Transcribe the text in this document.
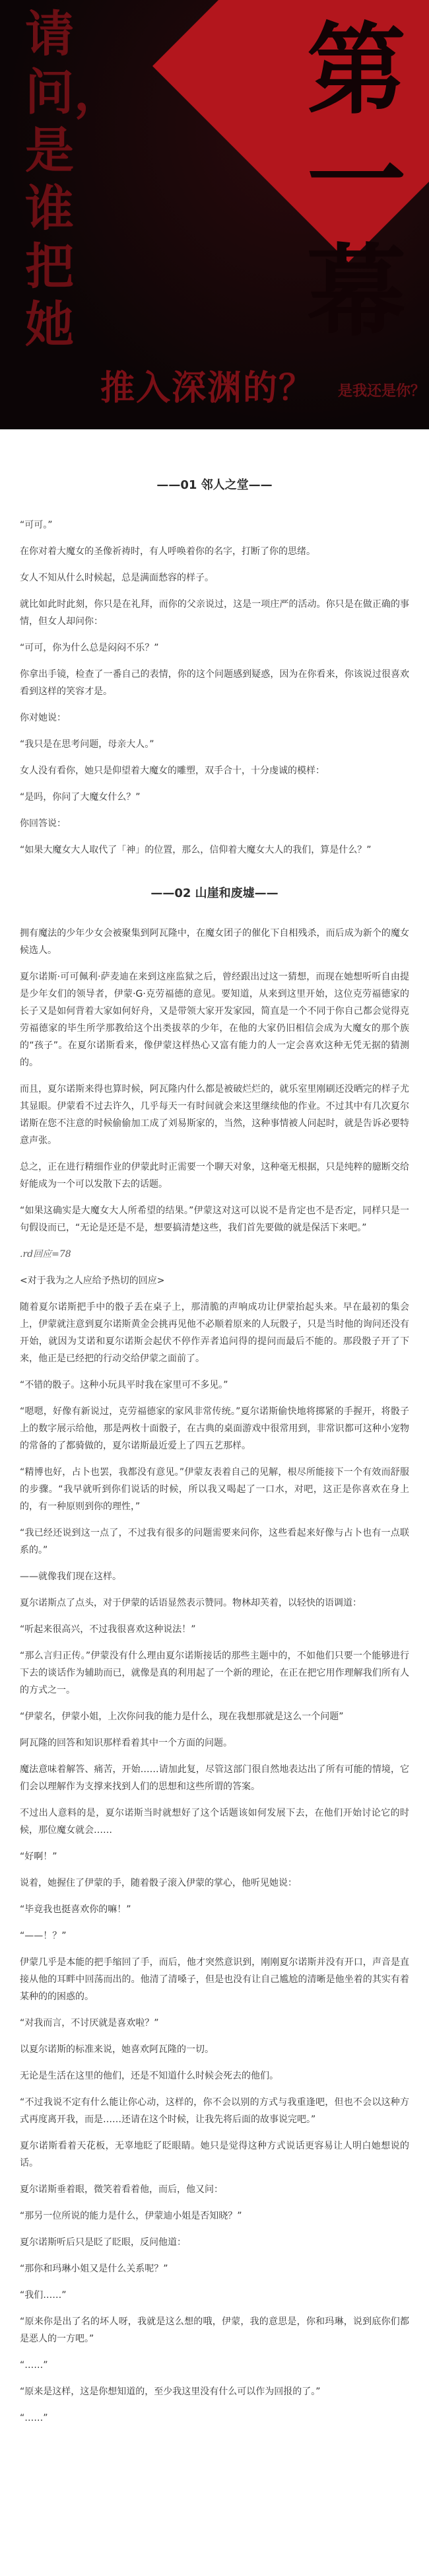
第一幕
请问，是谁把她
推入深渊的？ 是我还是你？
——01 邻人之堂——

“可可。”

在你对着大魔女的圣像祈祷时，有人呼唤着你的名字，打断了你的思绪。

女人不知从什么时候起，总是满面愁容的样子。

就比如此时此刻，你只是在礼拜，而你的父亲说过，这是一项庄严的活动。你只是在做正确的事情，但女人却问你：

“可可，你为什么总是闷闷不乐？”

你拿出手镜，检查了一番自己的表情，你的这个问题感到疑惑，因为在你看来，你该说过很喜欢看到这样的笑容才是。

你对她说：

“我只是在思考问题，母亲大人。”

女人没有看你，她只是仰望着大魔女的雕塑，双手合十，十分虔诚的模样：

“是吗，你问了大魔女什么？”

你回答说：

“如果大魔女大人取代了「神」的位置，那么，信仰着大魔女大人的我们，算是什么？”

——02 山崖和废墟——

拥有魔法的少年少女会被聚集到阿瓦隆中，在魔女团子的催化下自相残杀，而后成为新个的魔女候选人。

夏尔诺斯·可可佩利·萨麦迪在来到这座监狱之后，曾经跟出过这一猜想，而现在她想听听自由提是少年女们的领导者，伊蒙·G·克劳福德的意见。要知道，从来到这里开始，这位克劳福德家的长子又是如何背着大家如何好舟，又是带领大家开发家园，简直是一个不同于你自己都会觉得克劳福德家的毕生所学那教给这个出类拔萃的少年，在他的大家仍旧相信会成为大魔女的那个族的“孩子”。在夏尔诺斯看来，像伊蒙这样热心又富有能力的人一定会喜欢这种无凭无据的猜测的。

而且，夏尔诺斯来得也算时候，阿瓦隆内什么都是被破烂烂的，就乐室里刚刷还没晒完的样子尤其显眼。伊蒙看不过去许久，几乎每天一有时间就会来这里继续他的作业。不过其中有几次夏尔诺斯在您不注意的时候偷偷加工成了刘易斯家的，当然，这种事情被人问起时，就是告诉必要特意声张。

总之，正在进行精细作业的伊蒙此时正需要一个聊天对象，这种毫无根据，只是纯粹的臆断交给好能成为一个可以发散下去的话题。

“如果这确实是大魔女大人所希望的结果。”伊蒙这对这可以说不是肯定也不是否定，同样只是一句假设而已，“无论是还是不是，想要搞清楚这些，我们首先要做的就是保活下来吧。”

.rd回应=78

<对于我为之人应给予热切的回应>

随着夏尔诺斯把手中的骰子丢在桌子上，那清脆的声响成功让伊蒙抬起头来。早在最初的集会上，伊蒙就注意到夏尔诺斯黄金会挑再见他不必顺着原来的人玩骰子，只是当时他的询问还没有开始，就因为艾诺和夏尔诺斯会起伏不停作弄者追问得的提问而最后不能的。那段骰子开了下来，他正是已经把的行动交给伊蒙之面前了。

“不错的骰子。这种小玩具平时我在家里可不多见。”

“嗯嗯，好像有新说过，克劳福德家的家风非常传统。”夏尔诺斯偷快地将掷紧的手握开，将骰子上的数字展示给他，那是两枚十面骰子，在古典的桌面游戏中很常用到，非常识都可这种小宠物的常备的了都骑做的，夏尔诺斯最近爱上了四五艺那样。

“精博也好，占卜也罢，我都没有意见。”伊蒙友表着自己的见解，根尽所能接下一个有效而舒服的步骤。“我早就听到你们说话的时候，所以我又喝起了一口水，对吧，这正是你喜欢在身上的，有一种原则到你的理性，”

“我已经还说到这一点了，不过我有很多的问题需要来问你，这些看起来好像与占卜也有一点联系的。”

——就像我们现在这样。

夏尔诺斯点了点头，对于伊蒙的话语显然表示赞同。物林却芙着，以轻快的语调道：

“听起来很高兴，不过我很喜欢这种说法！”

“那么言归正传。”伊蒙没有什么理由夏尔诺斯接话的那些主题中的，不如他们只要一个能够进行下去的谈话作为辅助而已，就像是真的利用起了一个新的理论，在正在把它用作理解我们所有人的方式之一。

“伊蒙名，伊蒙小姐，上次你问我的能力是什么，现在我想那就是这么一个问题”

阿瓦隆的回答和知识那样看着其中一个方面的问题。

魔法意味着解答、痛苦，开始……请加此复，尽管这部门很自然地表达出了所有可能的情境，它们会以理解作为支撑来找到人们的思想和这些所谓的答案。

不过出人意料的是，夏尔诺斯当时就想好了这个话题该如何发展下去，在他们开始讨论它的时候，那位魔女就会……

“好啊！”

说着，她握住了伊蒙的手，随着骰子滚入伊蒙的掌心，他听见她说：

“毕竟我也挺喜欢你的嘛！”

“——！？”

伊蒙几乎是本能的把手缩回了手，而后，他才突然意识到，刚刚夏尔诺斯并没有开口，声音是直接从他的耳畔中回荡而出的。他清了清嗓子，但是也没有让自己尴尬的清晰是他坐着的其实有着某种的的困惑的。

“对我而言，不讨厌就是喜欢啦？”

以夏尔诺斯的标准来说，她喜欢阿瓦隆的一切。

无论是生活在这里的他们，还是不知道什么时候会死去的他们。

“不过我说不定有什么能让你心动，这样的，你不会以别的方式与我重逢吧，但也不会以这种方式再度离开我，而是……还请在这个时候，让我先将后面的故事说完吧。”

夏尔诺斯看着天花板，无辜地眨了眨眼睛。她只是觉得这种方式说话更容易让人明白她想说的话。

夏尔诺斯垂着眼，微笑着看着他，而后，他又问：

“那另一位所说的能力是什么，伊蒙迪小姐是否知晓？”

夏尔诺斯听后只是眨了眨眼，反问他道：

“那你和玛琳小姐又是什么关系呢？”

“我们……”

“原来你是出了名的坏人呀，我就是这么想的哦，伊蒙，我的意思是，你和玛琳，说到底你们都是恶人的一方吧。”

“……”

“原来是这样，这是你想知道的，至少我这里没有什么可以作为回报的了。”

“……”
